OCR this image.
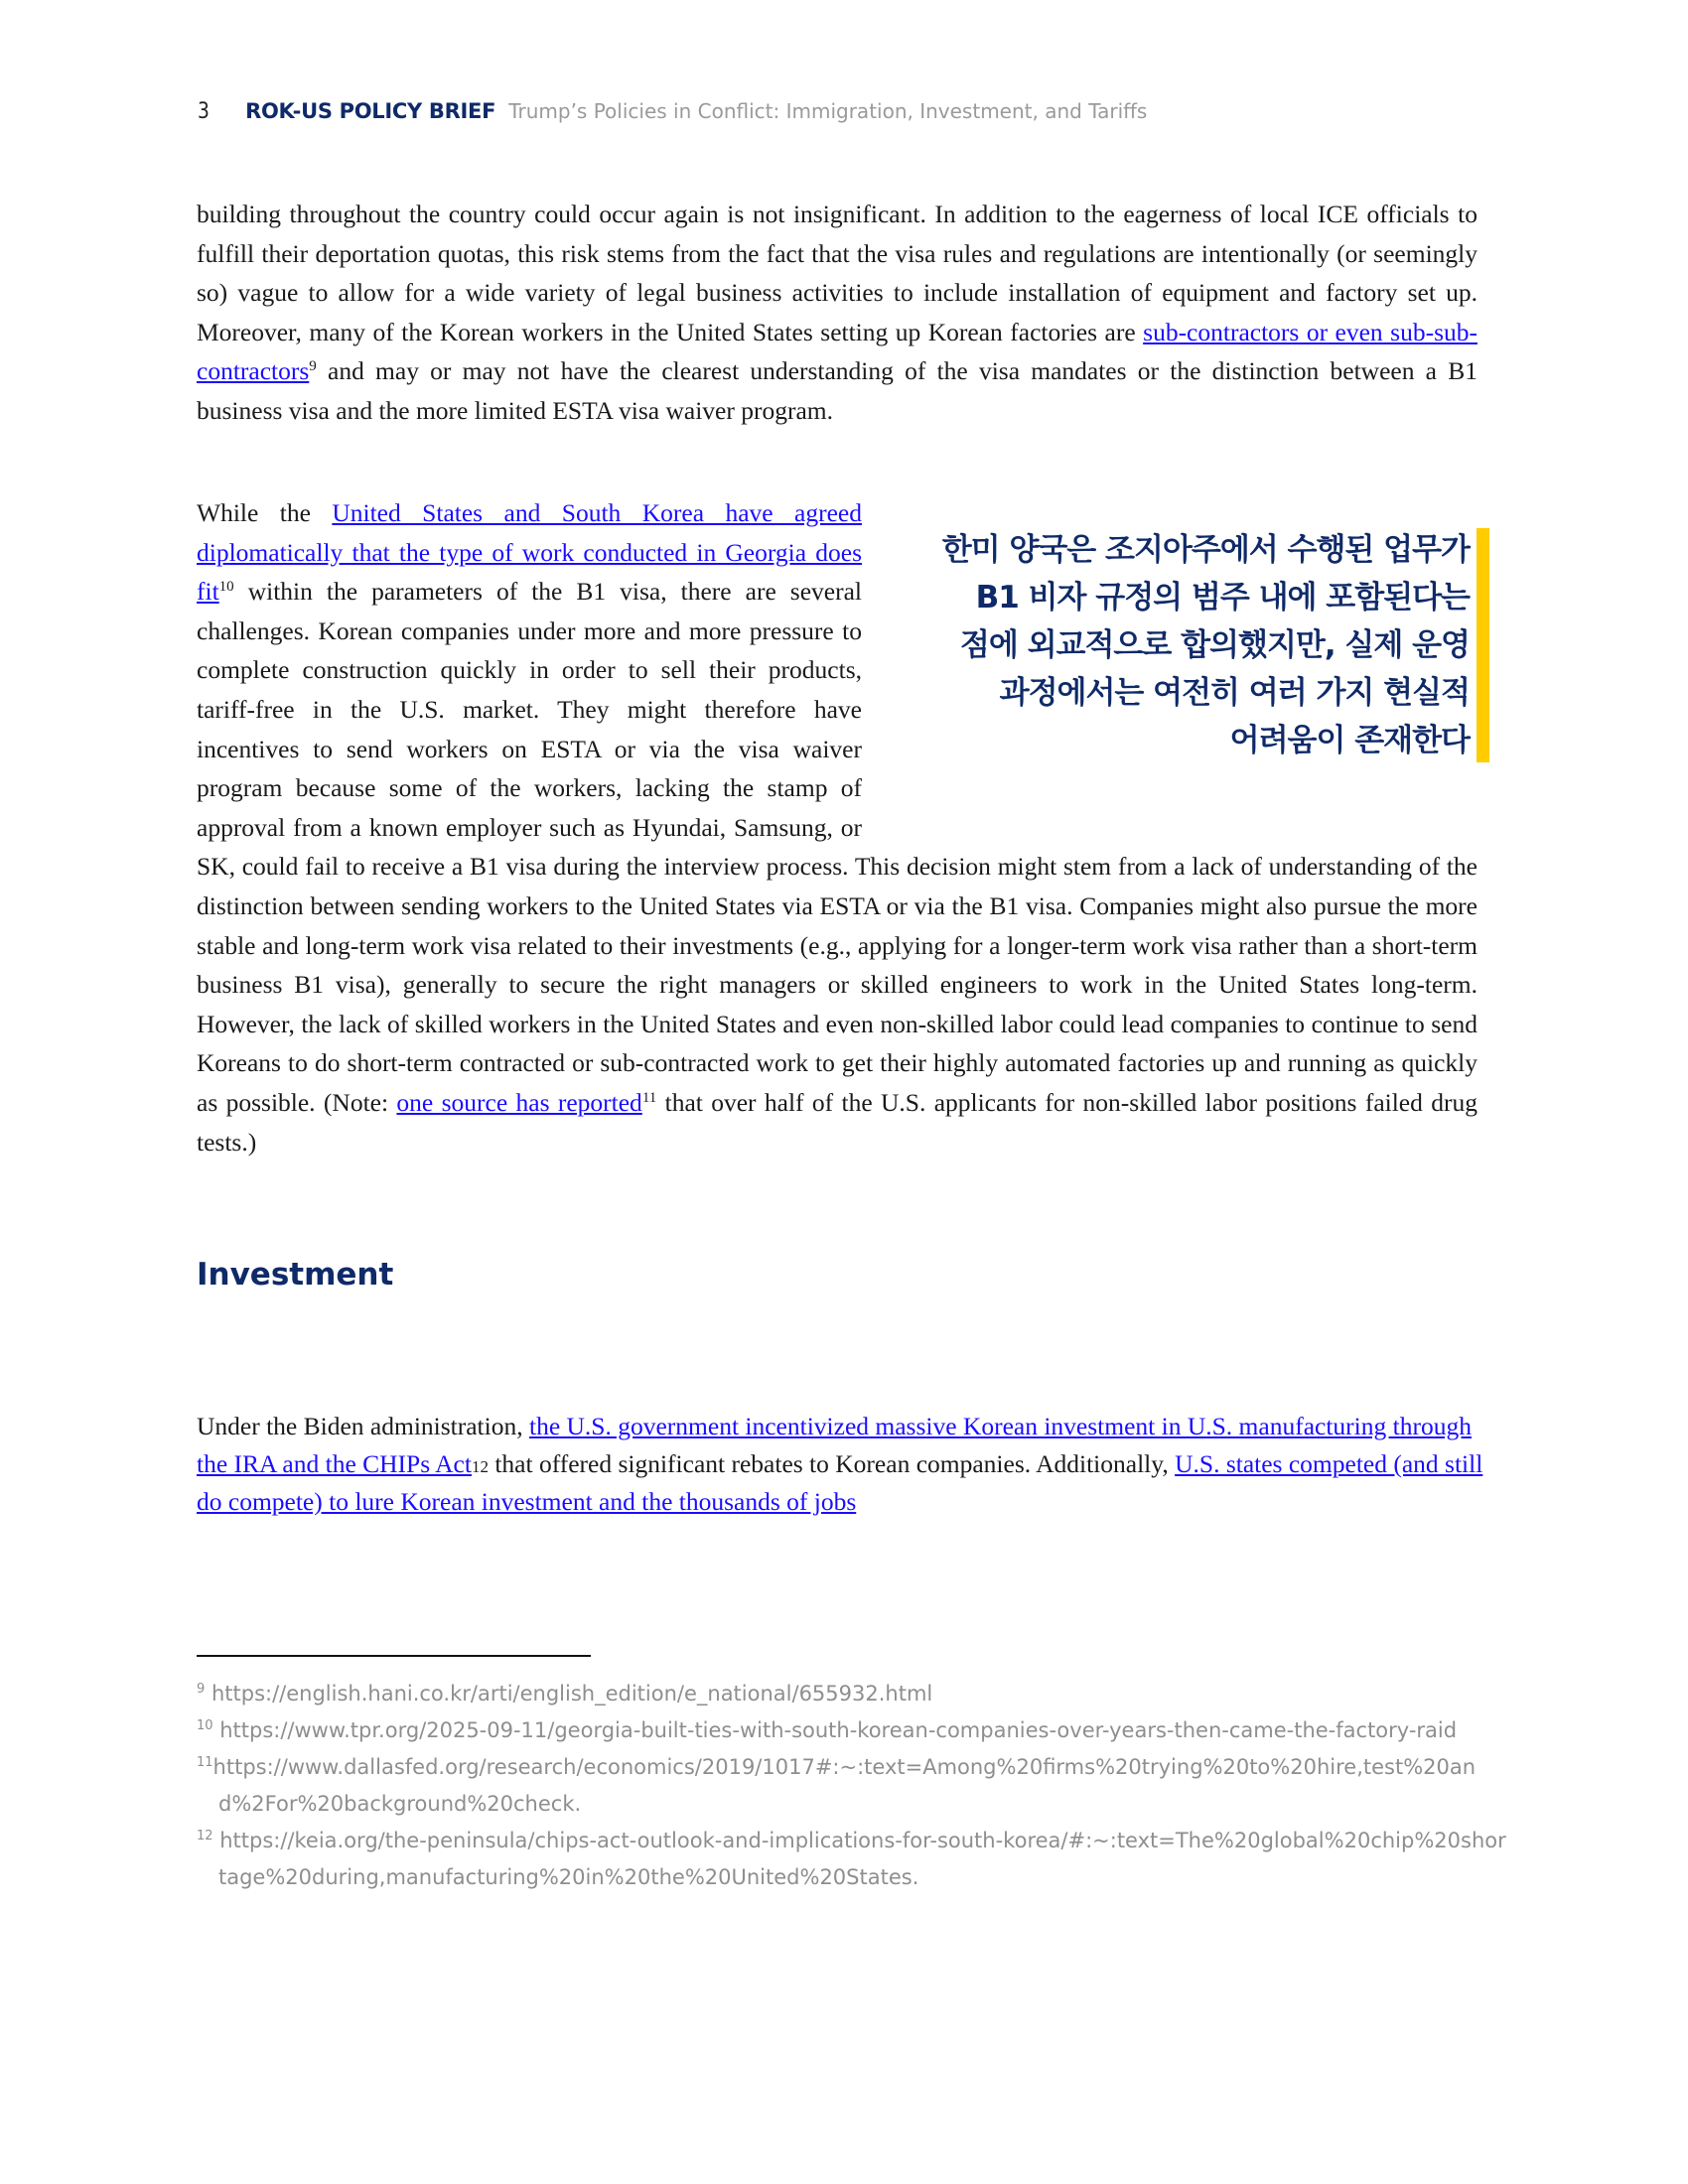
3 ROK-US POLICY BRIEF Trump’s Policies in Conflict: Immigration, Investment, and Tariffs

building throughout the country could occur again is not insignificant. In addition to the eagerness of local ICE officials to fulfill their deportation quotas, this risk stems from the fact that the visa rules and regulations are intentionally (or seemingly so) vague to allow for a wide variety of legal business activities to include installation of equipment and factory set up. Moreover, many of the Korean workers in the United States setting up Korean factories are sub-contractors or even sub-sub-contractors$^9$ and may or may not have the clearest understanding of the visa mandates or the distinction between a B1 business visa and the more limited ESTA visa waiver program.

While the United States and South Korea have agreed diplomatically that the type of work conducted in Georgia does fit$^{10}$ within the parameters of the B1 visa, there are several challenges. Korean companies under more and more pressure to complete construction quickly in order to sell their products, tariff-free in the U.S. market. They might therefore have incentives to send workers on ESTA or via the visa waiver program because some of the workers, lacking the stamp of approval from a known employer such as Hyundai, Samsung, or SK, could fail to receive a B1 visa during the interview process. This decision might stem from a lack of understanding of the distinction between sending workers to the United States via ESTA or via the B1 visa. Companies might also pursue the more stable and long-term work visa related to their investments (e.g., applying for a longer-term work visa rather than a short-term business B1 visa), generally to secure the right managers or skilled engineers to work in the United States long-term. However, the lack of skilled workers in the United States and even non-skilled labor could lead companies to continue to send Koreans to do short-term contracted or sub-contracted work to get their highly automated factories up and running as quickly as possible. (Note: one source has reported$^{11}$ that over half of the U.S. applicants for non-skilled labor positions failed drug tests.)

한미 양국은 조지아주에서 수행된 업무가
B1 비자 규정의 범주 내에 포함된다는
점에 외교적으로 합의했지만, 실제 운영
과정에서는 여전히 여러 가지 현실적
어려움이 존재한다
Investment

Under the Biden administration, the U.S. government incentivized massive Korean investment in U.S. manufacturing through the IRA and the CHIPs Act12 that offered significant rebates to Korean companies. Additionally, U.S. states competed (and still do compete) to lure Korean investment and the thousands of jobs

$^9$ https://english.hani.co.kr/arti/english_edition/e_national/655932.html
$^{10}$ https://www.tpr.org/2025-09-11/georgia-built-ties-with-south-korean-companies-over-years-then-came-the-factory-raid
$^{11}$https://www.dallasfed.org/research/economics/2019/1017#:~:text=Among%20firms%20trying%20to%20hire,test%20and%2For%20background%20check.
$^{12}$ https://keia.org/the-peninsula/chips-act-outlook-and-implications-for-south-korea/#:~:text=The%20global%20chip%20shortage%20during,manufacturing%20in%20the%20United%20States.
